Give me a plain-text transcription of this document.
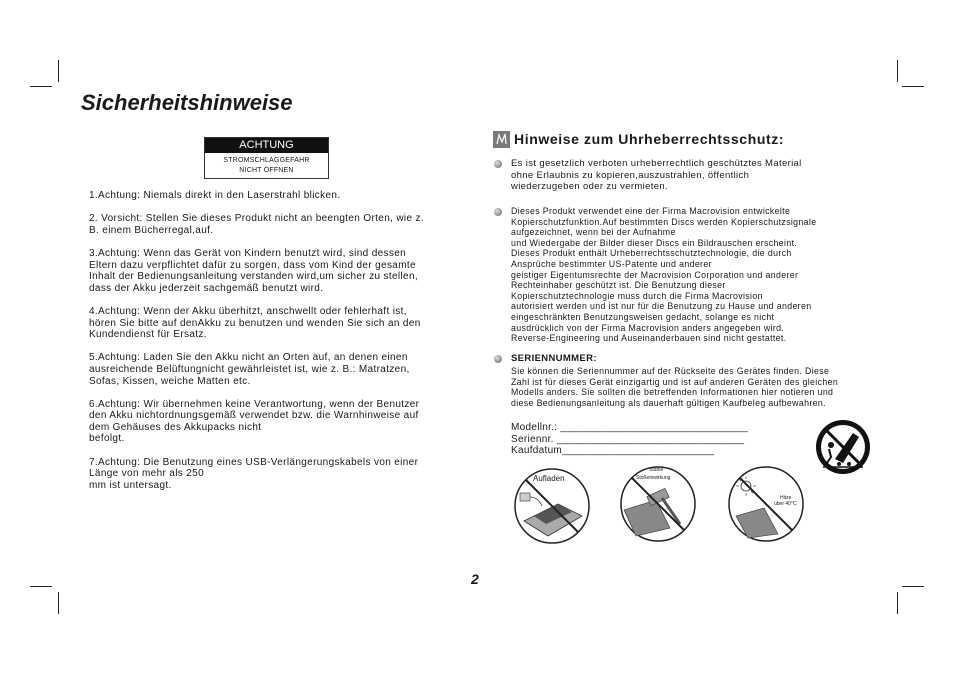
Sicherheitshinweise
ACHTUNG
STROMSCHLAGGEFAHR
NICHT ÖFFNEN

1.Achtung: Niemals direkt in den Laserstrahl blicken.

2. Vorsicht: Stellen Sie dieses Produkt nicht an beengten Orten, wie z.
B. einem Bücherregal,auf.

3.Achtung: Wenn das Gerät von Kindern benutzt wird, sind dessen
Eltern dazu verpflichtet dafür zu sorgen, dass vom Kind der gesamte
Inhalt der Bedienungsanleitung verstanden wird,um sicher zu stellen,
dass der Akku jederzeit sachgemäß benutzt wird.

4.Achtung: Wenn der Akku überhitzt, anschwellt oder fehlerhaft ist,
hören Sie bitte auf denAkku zu benutzen und wenden Sie sich an den
Kundendienst für Ersatz.

5.Achtung: Laden Sie den Akku nicht an Orten auf, an denen einen
ausreichende Belüftungnicht gewährleistet ist, wie z. B.: Matratzen,
Sofas, Kissen, weiche Matten etc.

6.Achtung: Wir übernehmen keine Verantwortung, wenn der Benutzer
den Akku nichtordnungsgemäß verwendet bzw. die Warnhinweise auf
dem Gehäuses des Akkupacks nicht
befolgt.

7.Achtung: Die Benutzung eines USB-Verlängerungskabels von einer
Länge von mehr als 250
mm ist untersagt.

Hinweise zum Uhrheberrechtsschutz:
Es ist gesetzlich verboten urheberrechtlich geschütztes Material
ohne Erlaubnis zu kopieren,auszustrahlen, öffentlich
wiederzugeben oder zu vermieten.
Dieses Produkt verwendet eine der Firma Macrovision entwickelte
Kopierschutzfunktion.Auf bestimmten Discs werden Kopierschutzsignale
aufgezeichnet, wenn bei der Aufnahme
und Wiedergabe der Bilder dieser Discs ein Bildrauschen erscheint.
Dieses Produkt enthält Urheberrechtsschutztechnologie, die durch
Ansprüche bestimmter US-Patente und anderer
geistiger Eigentumsrechte der Macrovision Corporation und anderer
Rechteinhaber geschützt ist. Die Benutzung dieser
Kopierschutztechnologie muss durch die Firma Macrovision
autorisiert werden und ist nur für die Benutzung zu Hause und anderen
eingeschränkten Benutzungsweisen gedacht, solange es nicht
ausdrücklich von der Firma Macrovision anders angegeben wird.
Reverse-Engineering und Auseinanderbauen sind nicht gestattet.
SERIENNUMMER:
Sie können die Seriennummer auf der Rückseite des Gerätes finden. Diese
Zahl ist für dieses Gerät einzigartig und ist auf anderen Geräten des gleichen
Modells anders. Sie sollten die betreffenden Informationen hier notieren und
diese Bedienungsanleitung als dauerhaft gültigen Kaufbeleg aufbewahren.
Modellnr.: ________________________________
Seriennr. ________________________________
Kaufdatum__________________________
Aufladen
Starke
Stoßeinwirkung
Hitze
über 40°C
2
